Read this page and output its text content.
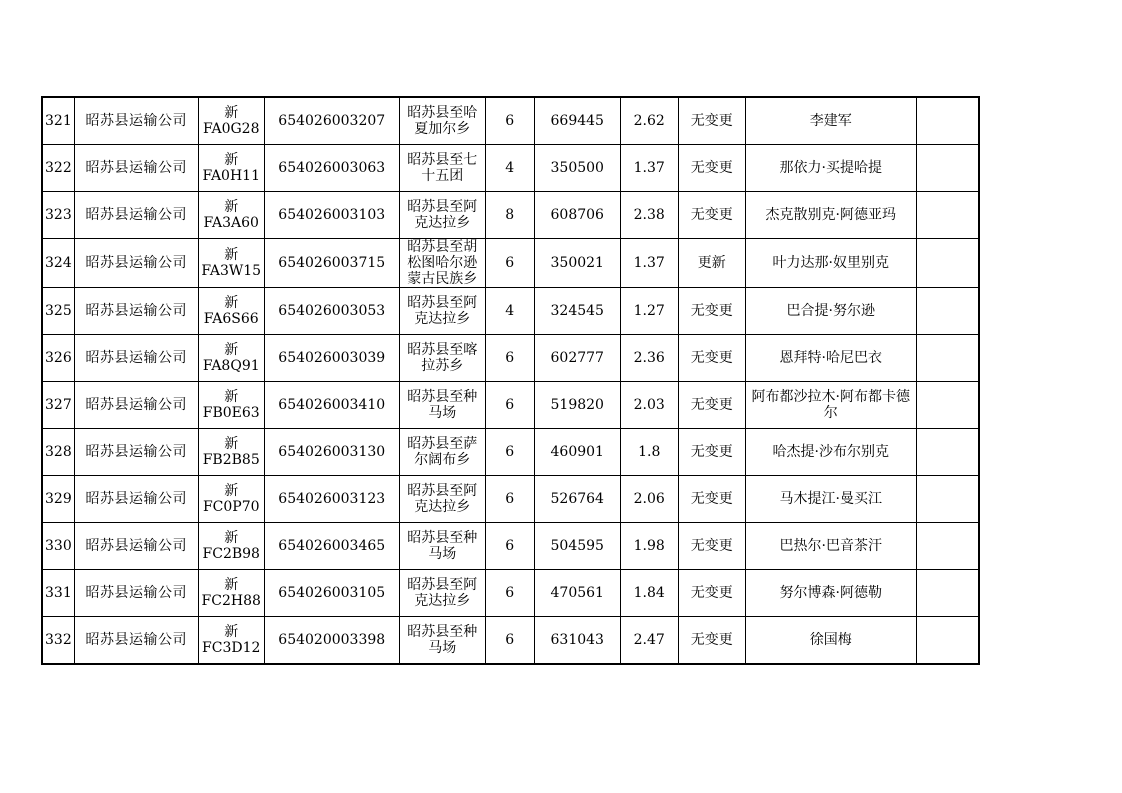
321	昭苏县运输公司	新FA0G28	654026003207	昭苏县至哈夏加尔乡	6	669445	2.62	无变更	李建军	
322	昭苏县运输公司	新FA0H11	654026003063	昭苏县至七十五团	4	350500	1.37	无变更	那依力·买提哈提	
323	昭苏县运输公司	新FA3A60	654026003103	昭苏县至阿克达拉乡	8	608706	2.38	无变更	杰克散别克·阿德亚玛	
324	昭苏县运输公司	新FA3W15	654026003715	昭苏县至胡松图哈尔逊蒙古民族乡	6	350021	1.37	更新	叶力达那·奴里别克	
325	昭苏县运输公司	新FA6S66	654026003053	昭苏县至阿克达拉乡	4	324545	1.27	无变更	巴合提·努尔逊	
326	昭苏县运输公司	新FA8Q91	654026003039	昭苏县至喀拉苏乡	6	602777	2.36	无变更	恩拜特·哈尼巴衣	
327	昭苏县运输公司	新FB0E63	654026003410	昭苏县至种马场	6	519820	2.03	无变更	阿布都沙拉木·阿布都卡德尔	
328	昭苏县运输公司	新FB2B85	654026003130	昭苏县至萨尔阔布乡	6	460901	1.8	无变更	哈杰提·沙布尔别克	
329	昭苏县运输公司	新FC0P70	654026003123	昭苏县至阿克达拉乡	6	526764	2.06	无变更	马木提江·曼买江	
330	昭苏县运输公司	新FC2B98	654026003465	昭苏县至种马场	6	504595	1.98	无变更	巴热尔·巴音茶汗	
331	昭苏县运输公司	新FC2H88	654026003105	昭苏县至阿克达拉乡	6	470561	1.84	无变更	努尔博森·阿德勒	
332	昭苏县运输公司	新FC3D12	654020003398	昭苏县至种马场	6	631043	2.47	无变更	徐国梅	
